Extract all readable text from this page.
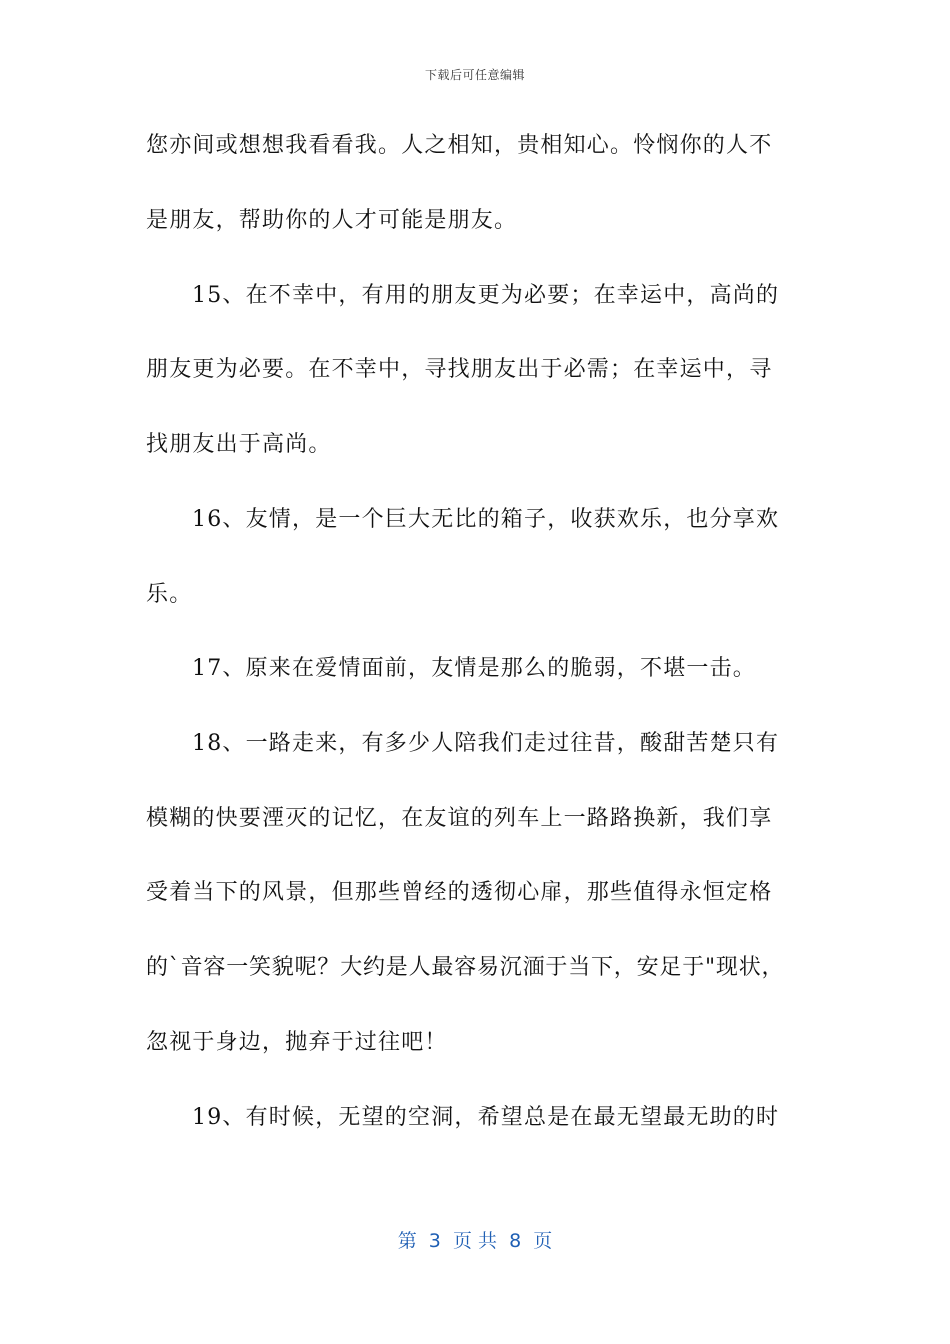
下载后可任意编辑
您亦间或想想我看看我。人之相知，贵相知心。怜悯你的人不
是朋友，帮助你的人才可能是朋友。
15、在不幸中，有用的朋友更为必要；在幸运中，高尚的
朋友更为必要。在不幸中，寻找朋友出于必需；在幸运中，寻
找朋友出于高尚。
16、友情，是一个巨大无比的箱子，收获欢乐，也分享欢
乐。
17、原来在爱情面前，友情是那么的脆弱，不堪一击。
18、一路走来，有多少人陪我们走过往昔，酸甜苦楚只有
模糊的快要湮灭的记忆，在友谊的列车上一路路换新，我们享
受着当下的风景，但那些曾经的透彻心扉，那些值得永恒定格
的`音容一笑貌呢？大约是人最容易沉湎于当下，安足于"现状，
忽视于身边，抛弃于过往吧！
19、有时候，无望的空洞，希望总是在最无望最无助的时
第  3  页 共  8  页
